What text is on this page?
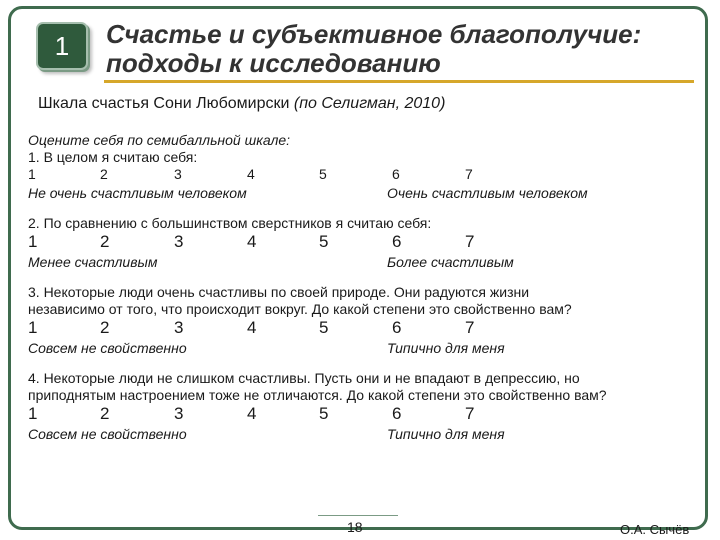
1	Счастье и субъективное благополучие:
подходы к исследованию
Шкала счастья Сони Любомирски (по Селигман, 2010)
Оцените себя по семибалльной шкале:
1. В целом я считаю себя:
1	2	3	4	5	6	7
Не очень счастливым человеком	Очень счастливым человеком
2. По сравнению с большинством сверстников я считаю себя:
1	2	3	4	5	6	7
Менее счастливым	Более счастливым
3. Некоторые люди очень счастливы по своей природе. Они радуются жизни
независимо от того, что происходит вокруг. До какой степени это свойственно вам?
1	2	3	4	5	6	7
Совсем не свойственно	Типично для меня
4. Некоторые люди не слишком счастливы. Пусть они и не впадают в депрессию, но
приподнятым настроением тоже не отличаются. До какой степени это свойственно вам?
1	2	3	4	5	6	7
Совсем не свойственно	Типично для меня
18	О.А. Сычёв
